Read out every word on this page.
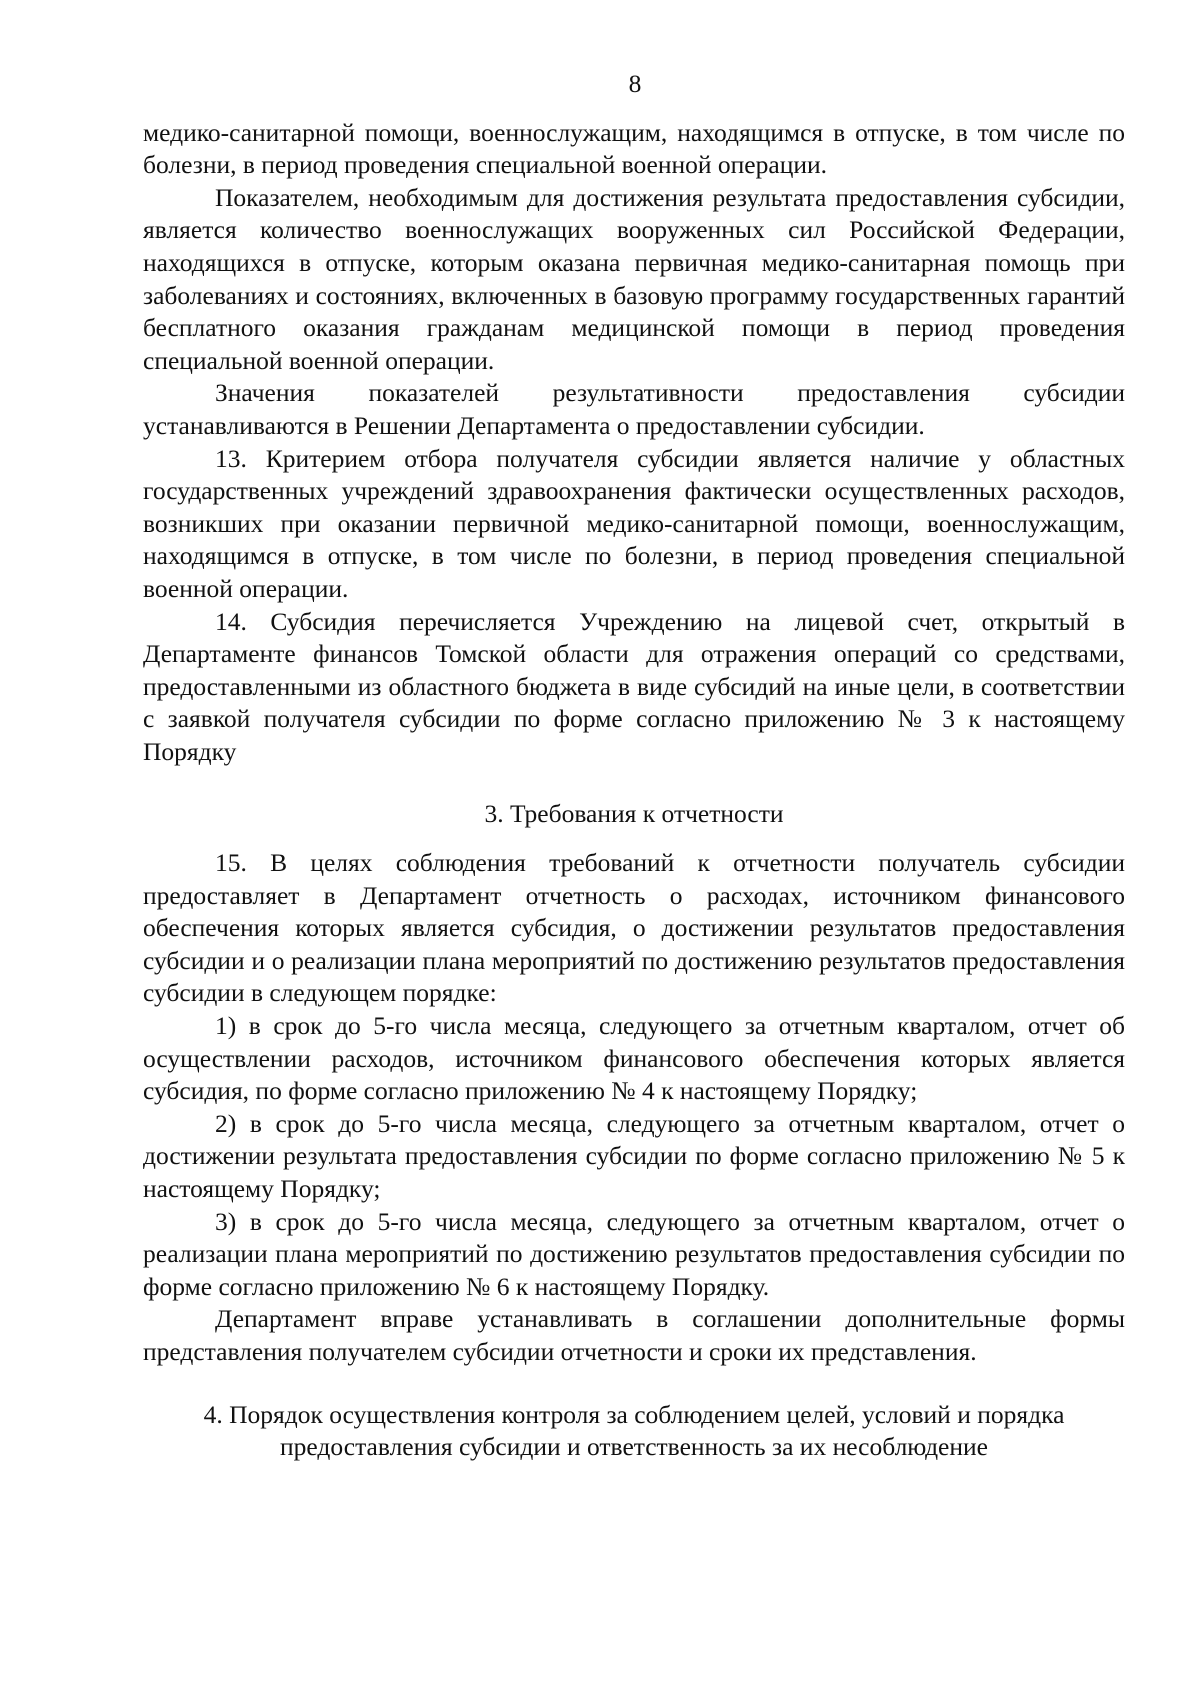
8

медико-санитарной помощи, военнослужащим, находящимся в отпуске, в том числе по болезни, в период проведения специальной военной операции.

Показателем, необходимым для достижения результата предоставления субсидии, является количество военнослужащих вооруженных сил Российской Федерации, находящихся в отпуске, которым оказана первичная медико-санитарная помощь при заболеваниях и состояниях, включенных в базовую программу государственных гарантий бесплатного оказания гражданам медицинской помощи в период проведения специальной военной операции.

Значения показателей результативности предоставления субсидии устанавливаются в Решении Департамента о предоставлении субсидии.

13. Критерием отбора получателя субсидии является наличие у областных государственных учреждений здравоохранения фактически осуществленных расходов, возникших при оказании первичной медико-санитарной помощи, военнослужащим, находящимся в отпуске, в том числе по болезни, в период проведения специальной военной операции.

14. Субсидия перечисляется Учреждению на лицевой счет, открытый в Департаменте финансов Томской области для отражения операций со средствами, предоставленными из областного бюджета в виде субсидий на иные цели, в соответствии с заявкой получателя субсидии по форме согласно приложению № 3 к настоящему Порядку

3. Требования к отчетности

15. В целях соблюдения требований к отчетности получатель субсидии предоставляет в Департамент отчетность о расходах, источником финансового обеспечения которых является субсидия, о достижении результатов предоставления субсидии и о реализации плана мероприятий по достижению результатов предоставления субсидии в следующем порядке:

1) в срок до 5-го числа месяца, следующего за отчетным кварталом, отчет об осуществлении расходов, источником финансового обеспечения которых является субсидия, по форме согласно приложению № 4 к настоящему Порядку;

2) в срок до 5-го числа месяца, следующего за отчетным кварталом, отчет о достижении результата предоставления субсидии по форме согласно приложению № 5 к настоящему Порядку;

3) в срок до 5-го числа месяца, следующего за отчетным кварталом, отчет о реализации плана мероприятий по достижению результатов предоставления субсидии по форме согласно приложению № 6 к настоящему Порядку.

Департамент вправе устанавливать в соглашении дополнительные формы представления получателем субсидии отчетности и сроки их представления.

4. Порядок осуществления контроля за соблюдением целей, условий и порядка
предоставления субсидии и ответственность за их несоблюдение
